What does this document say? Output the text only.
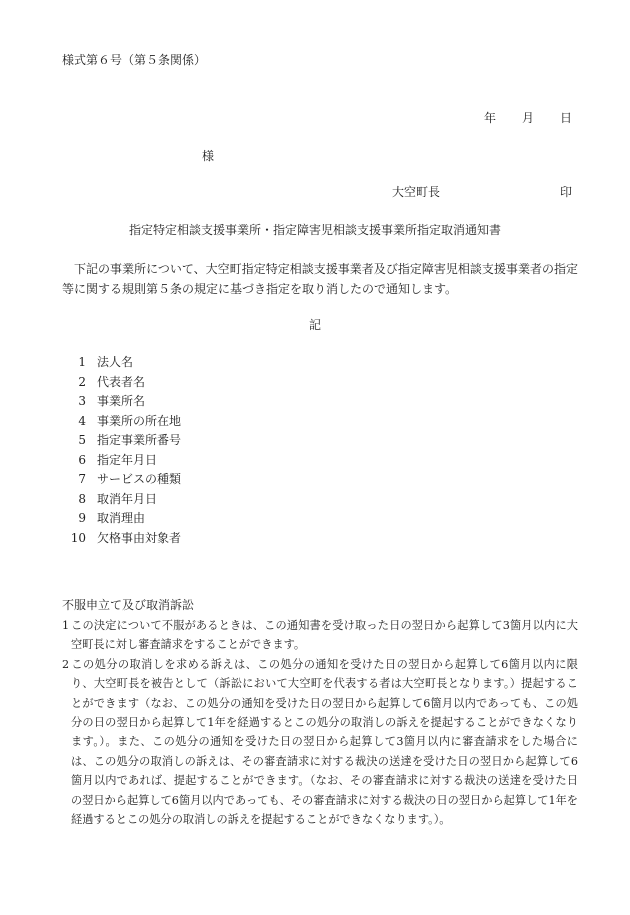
様式第６号（第５条関係）
年 月 日
様
大空町長	印
指定特定相談支援事業所・指定障害児相談支援事業所指定取消通知書
下記の事業所について、大空町指定特定相談支援事業者及び指定障害児相談支援事業者の指定等に関する規則第５条の規定に基づき指定を取り消したので通知します。
記
1 法人名
2 代表者名
3 事業所名
4 事業所の所在地
5 指定事業所番号
6 指定年月日
7 サービスの種類
8 取消年月日
9 取消理由
10 欠格事由対象者
不服申立て及び取消訴訟
1 この決定について不服があるときは、この通知書を受け取った日の翌日から起算して3箇月以内に大空町長に対し審査請求をすることができます。
2 この処分の取消しを求める訴えは、この処分の通知を受けた日の翌日から起算して6箇月以内に限り、大空町長を被告として（訴訟において大空町を代表する者は大空町長となります。）提起することができます（なお、この処分の通知を受けた日の翌日から起算して6箇月以内であっても、この処分の日の翌日から起算して1年を経過するとこの処分の取消しの訴えを提起することができなくなります。）。また、この処分の通知を受けた日の翌日から起算して3箇月以内に審査請求をした場合には、この処分の取消しの訴えは、その審査請求に対する裁決の送達を受けた日の翌日から起算して6箇月以内であれば、提起することができます。（なお、その審査請求に対する裁決の送達を受けた日の翌日から起算して6箇月以内であっても、その審査請求に対する裁決の日の翌日から起算して1年を経過するとこの処分の取消しの訴えを提起することができなくなります。）。
